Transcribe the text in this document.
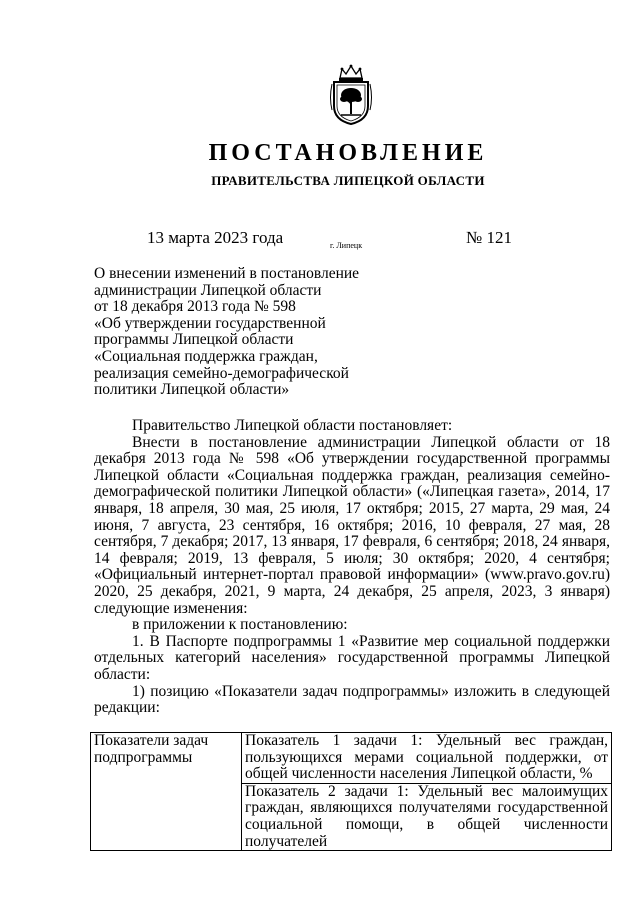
ПОСТАНОВЛЕНИЕ
ПРАВИТЕЛЬСТВА ЛИПЕЦКОЙ ОБЛАСТИ
13 марта 2023 года	г. Липецк	№ 121
О внесении изменений в постановление
администрации Липецкой области
от 18 декабря 2013 года № 598
«Об утверждении государственной
программы Липецкой области
«Социальная поддержка граждан,
реализация семейно-демографической
политики Липецкой области»

Правительство Липецкой области постановляет:

Внести в постановление администрации Липецкой области от 18 декабря 2013 года № 598 «Об утверждении государственной программы Липецкой области «Социальная поддержка граждан, реализация семейно-демографической политики Липецкой области» («Липецкая газета», 2014, 17 января, 18 апреля, 30 мая, 25 июля, 17 октября; 2015, 27 марта, 29 мая, 24 июня, 7 августа, 23 сентября, 16 октября; 2016, 10 февраля, 27 мая, 28 сентября, 7 декабря; 2017, 13 января, 17 февраля, 6 сентября; 2018, 24 января, 14 февраля; 2019, 13 февраля, 5 июля; 30 октября; 2020, 4 сентября; «Официальный интернет-портал правовой информации» (www.pravo.gov.ru) 2020, 25 декабря, 2021, 9 марта, 24 декабря, 25 апреля, 2023, 3 января) следующие изменения:

в приложении к постановлению:

1. В Паспорте подпрограммы 1 «Развитие мер социальной поддержки отдельных категорий населения» государственной программы Липецкой области:

1) позицию «Показатели задач подпрограммы» изложить в следующей редакции:

Показатели задач подпрограммы	Показатель 1 задачи 1: Удельный вес граждан, пользующихся мерами социальной поддержки, от общей численности населения Липецкой области, %
Показатель 2 задачи 1: Удельный вес малоимущих граждан, являющихся получателями государственной социальной помощи, в общей численности получателей
